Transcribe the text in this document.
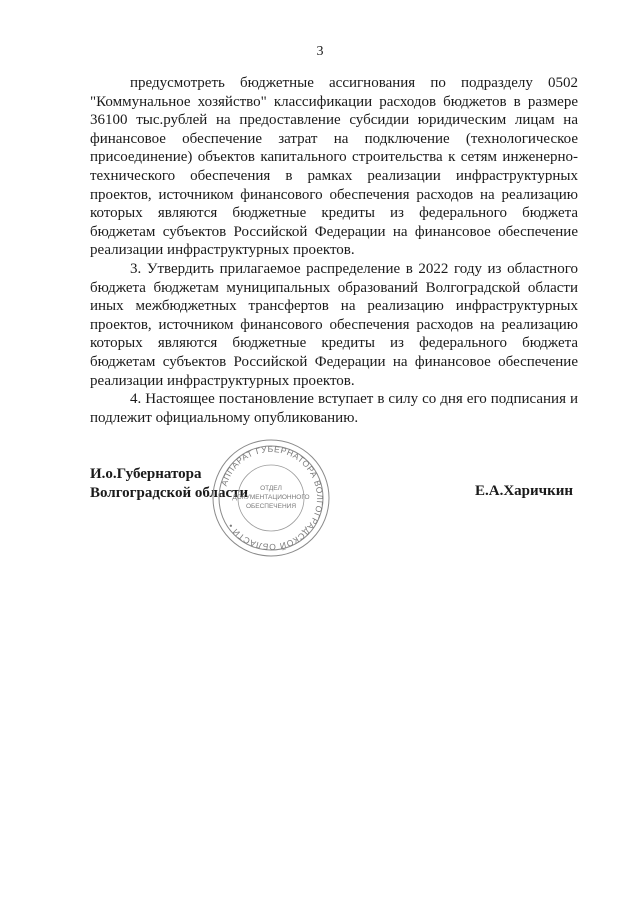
3

предусмотреть бюджетные ассигнования по подразделу 0502 "Коммунальное хозяйство" классификации расходов бюджетов в размере 36100 тыс.рублей на предоставление субсидии юридическим лицам на финансовое обеспечение затрат на подключение (технологическое присоединение) объектов капитального строительства к сетям инженерно-технического обеспечения в рамках реализации инфраструктурных проектов, источником финансового обеспечения расходов на реализацию которых являются бюджетные кредиты из федерального бюджета бюджетам субъектов Российской Федерации на финансовое обеспечение реализации инфраструктурных проектов.

3. Утвердить прилагаемое распределение в 2022 году из областного бюджета бюджетам муниципальных образований Волгоградской области иных межбюджетных трансфертов на реализацию инфраструктурных проектов, источником финансового обеспечения расходов на реализацию которых являются бюджетные кредиты из федерального бюджета бюджетам субъектов Российской Федерации на финансовое обеспечение реализации инфраструктурных проектов.

4. Настоящее постановление вступает в силу со дня его подписания и подлежит официальному опубликованию.

И.о.Губернатора
Волгоградской области	Е.А.Харичкин
АППАРАТ ГУБЕРНАТОРА ВОЛГОГРАДСКОЙ ОБЛАСТИ •
ОТДЕЛ
ДОКУМЕНТАЦИОННОГО
ОБЕСПЕЧЕНИЯ
